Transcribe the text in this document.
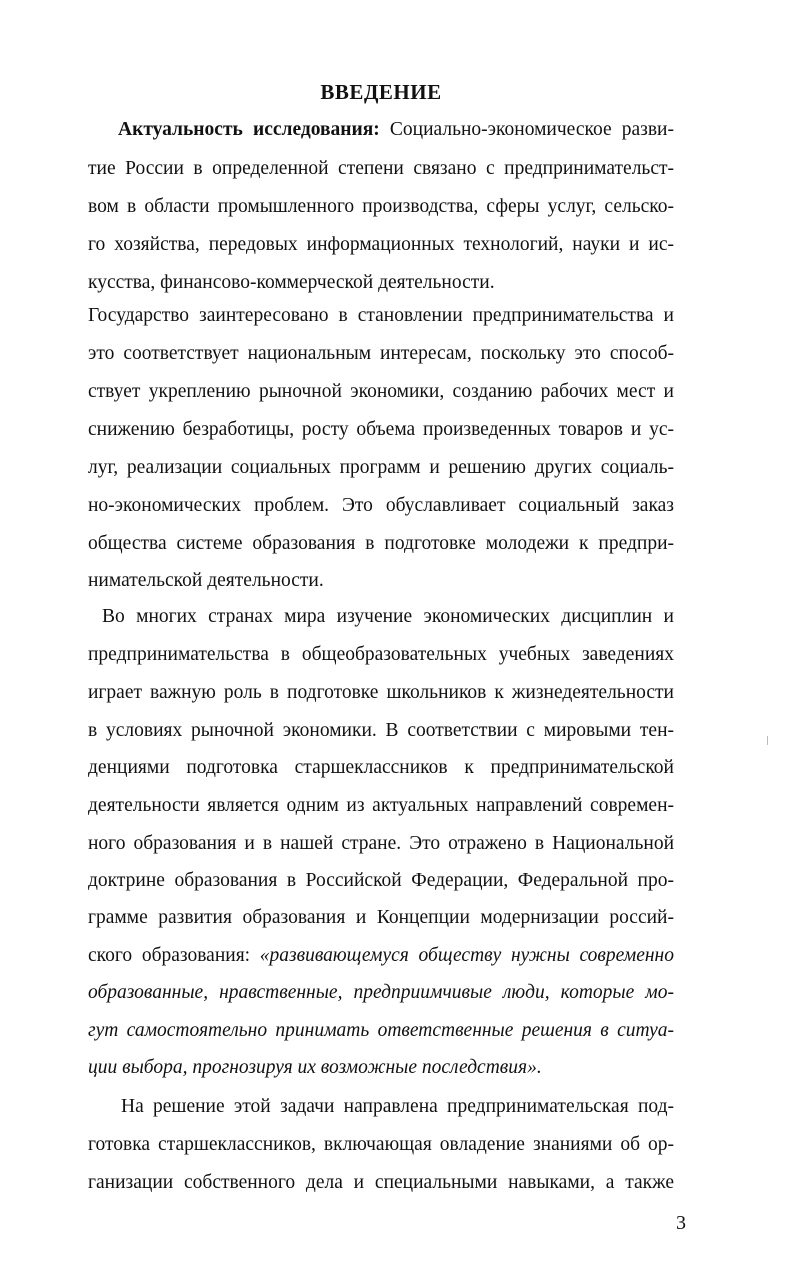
ВВЕДЕНИЕ
Актуальность исследования: Социально-экономическое разви-
тие России в определенной степени связано с предпринимательст-
вом в области промышленного производства, сферы услуг, сельско-
го хозяйства, передовых информационных технологий, науки и ис-
кусства, финансово-коммерческой деятельности.
Государство заинтересовано в становлении предпринимательства и
это соответствует национальным интересам, поскольку это способ-
ствует укреплению рыночной экономики, созданию рабочих мест и
снижению безработицы, росту объема произведенных товаров и ус-
луг, реализации социальных программ и решению других социаль-
но-экономических проблем. Это обуславливает социальный заказ
общества системе образования в подготовке молодежи к предпри-
нимательской деятельности.
Во многих странах мира изучение экономических дисциплин и
предпринимательства в общеобразовательных учебных заведениях
играет важную роль в подготовке школьников к жизнедеятельности
в условиях рыночной экономики. В соответствии с мировыми тен-
денциями подготовка старшеклассников к предпринимательской
деятельности является одним из актуальных направлений современ-
ного образования и в нашей стране. Это отражено в Национальной
доктрине образования в Российской Федерации, Федеральной про-
грамме развития образования и Концепции модернизации россий-
ского образования: «развивающемуся обществу нужны современно
образованные, нравственные, предприимчивые люди, которые мо-
гут самостоятельно принимать ответственные решения в ситуа-
ции выбора, прогнозируя их возможные последствия».
На решение этой задачи направлена предпринимательская под-
готовка старшеклассников, включающая овладение знаниями об ор-
ганизации собственного дела и специальными навыками, а также
3
